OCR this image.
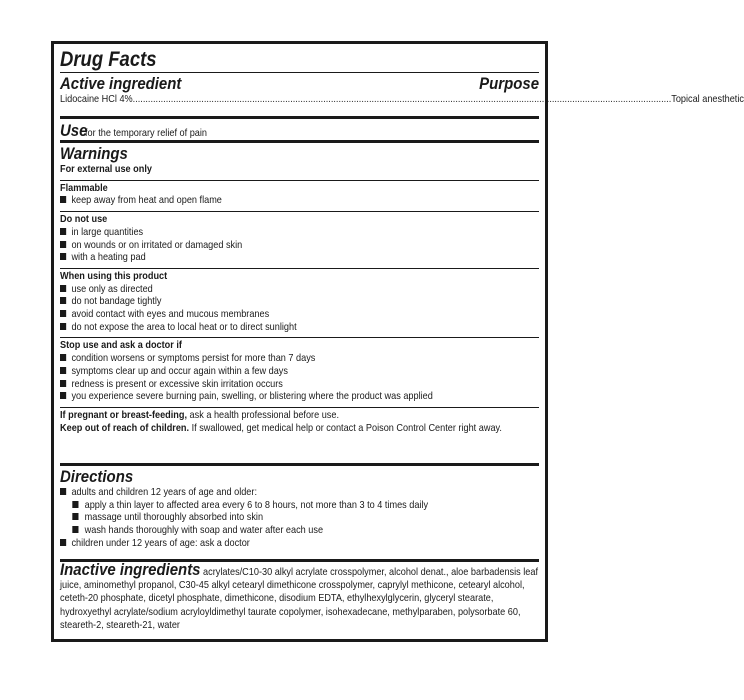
Drug Facts
Active ingredient	Purpose
Lidocaine HCl 4% .................................................................................................................................................................................................................... Topical anesthetic
Use
for the temporary relief of pain
Warnings
For external use only
Flammable
keep away from heat and open flame
Do not use
in large quantities
on wounds or on irritated or damaged skin
with a heating pad
When using this product
use only as directed
do not bandage tightly
avoid contact with eyes and mucous membranes
do not expose the area to local heat or to direct sunlight
Stop use and ask a doctor if
condition worsens or symptoms persist for more than 7 days
symptoms clear up and occur again within a few days
redness is present or excessive skin irritation occurs
you experience severe burning pain, swelling, or blistering where the product was applied
If pregnant or breast-feeding, ask a health professional before use.
Keep out of reach of children. If swallowed, get medical help or contact a Poison Control Center right away.
Directions
adults and children 12 years of age and older:
apply a thin layer to affected area every 6 to 8 hours, not more than 3 to 4 times daily
massage until thoroughly absorbed into skin
wash hands thoroughly with soap and water after each use
children under 12 years of age: ask a doctor
Inactive ingredients acrylates/C10-30 alkyl acrylate crosspolymer, alcohol denat., aloe barbadensis leaf juice, aminomethyl propanol, C30-45 alkyl cetearyl dimethicone crosspolymer, caprylyl methicone, cetearyl alcohol, ceteth-20 phosphate, dicetyl phosphate, dimethicone, disodium EDTA, ethylhexylglycerin, glyceryl stearate, hydroxyethyl acrylate/sodium acryloyldimethyl taurate copolymer, isohexadecane, methylparaben, polysorbate 60, steareth-2, steareth-21, water
